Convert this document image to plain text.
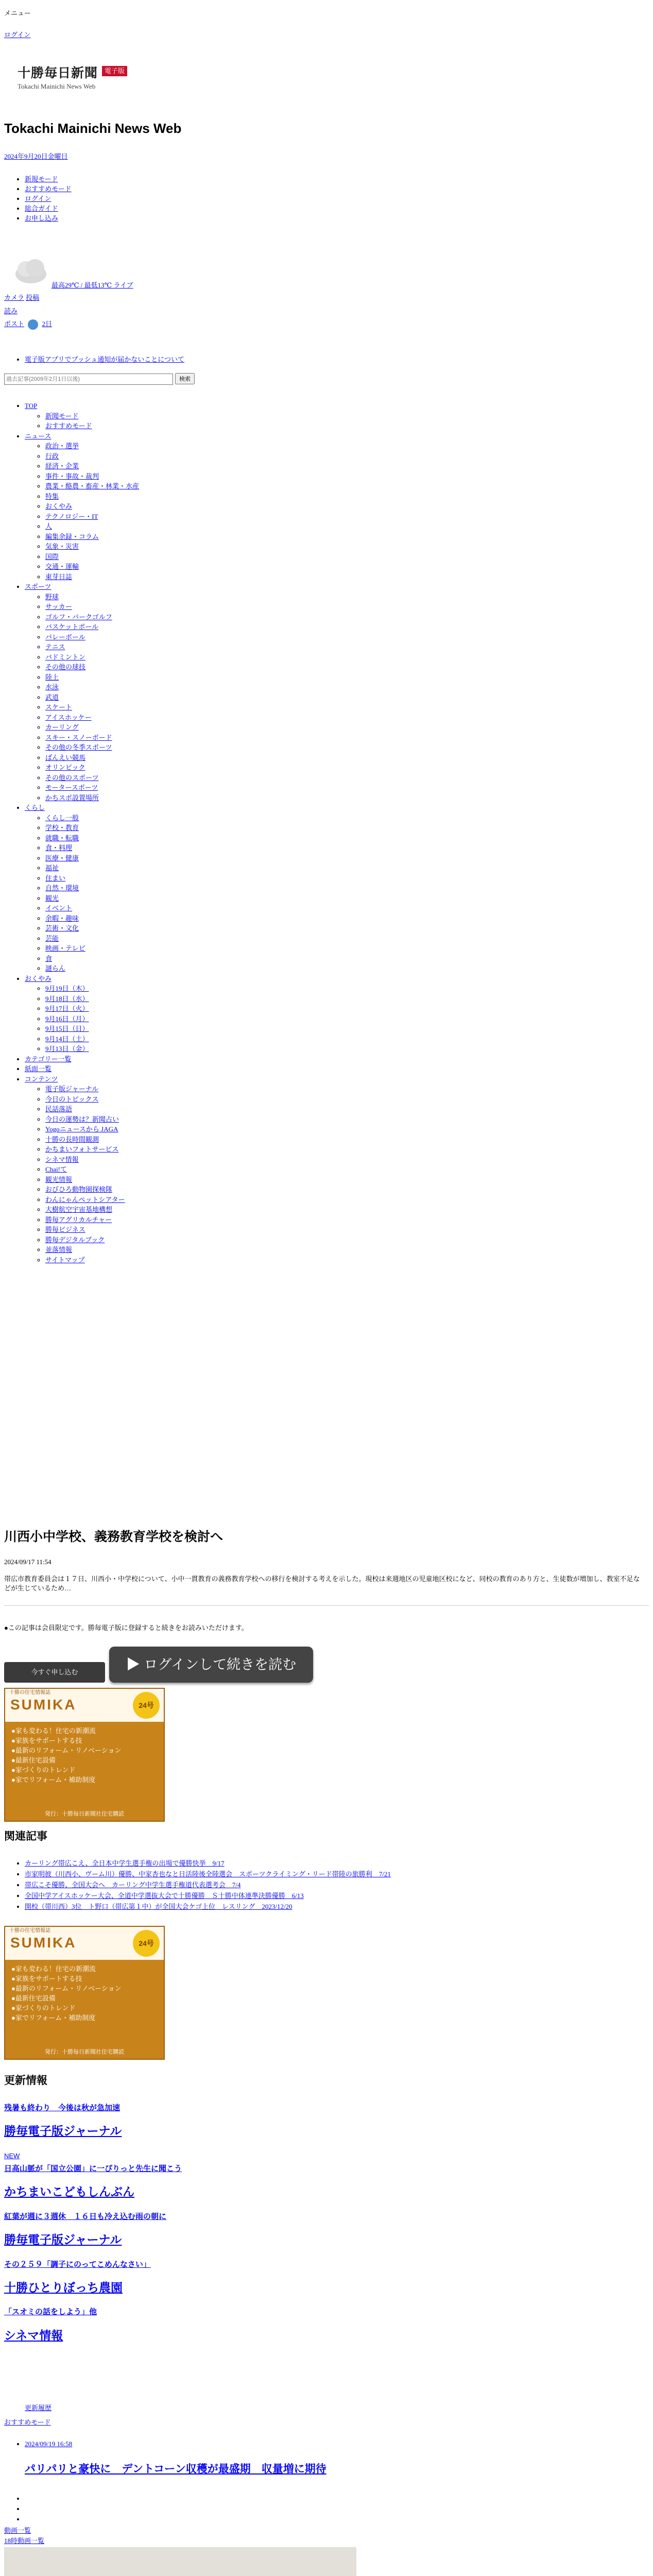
メニュー
ログイン
十勝毎日新聞 電子版
Tokachi Mainichi News Web
Tokachi Mainichi News Web
2024年9月20日金曜日
• 新規モード
• おすすめモード
• ログイン
• 総合ガイド
• お申し込み
最高29℃ / 最低13℃ ライブ
カメラ 投稿
読み
ポスト	2日
• 電子版アプリでプッシュ通知が届かないことについて
過去記事(2009年2月1日以後) 検索
• TOP
◦ 新聞モード
◦ おすすめモード
• ニュース
◦ 政治・選挙
◦ 行政
◦ 経済・企業
◦ 事件・事故・裁判
◦ 農業・酪農・畜産・林業・水産
◦ 特集
◦ おくやみ
◦ テクノロジー・IT
◦ 人
◦ 編集余録・コラム
◦ 気象・災害
◦ 国際
◦ 交通・運輸
◦ 東芽日誌
• スポーツ
◦ 野球
◦ サッカー
◦ ゴルフ・パークゴルフ
◦ バスケットボール
◦ バレーボール
◦ テニス
◦ バドミントン
◦ その他の球技
◦ 陸上
◦ 水泳
◦ 武道
◦ スケート
◦ アイスホッケー
◦ カーリング
◦ スキー・スノーボード
◦ その他の冬季スポーツ
◦ ばんえい競馬
◦ オリンピック
◦ その他のスポーツ
◦ モータースポーツ
◦ かちスポ設置場所
• くらし
◦ くらし一般
◦ 学校・教育
◦ 就職・転職
◦ 食・料理
◦ 医療・健康
◦ 福祉
◦ 住まい
◦ 自然・環境
◦ 観光
◦ イベント
◦ 余暇・趣味
◦ 芸術・文化
◦ 芸能
◦ 映画・テレビ
◦ 食
◦ 謎らん
• おくやみ
◦ 9月19日（木）
◦ 9月18日（水）
◦ 9月17日（火）
◦ 9月16日（月）
◦ 9月15日（日）
◦ 9月14日（土）
◦ 9月13日（金）
• カテゴリー一覧
• 紙面一覧
• コンテンツ
◦ 電子版ジャーナル
◦ 今日のトピックス
◦ 民話落語
◦ 今日の運勢は？新聞占い
◦ Yogoニュースから JAGA
◦ 十勝の長時間観測
◦ かちまいフォトサービス
◦ シネマ情報
◦ Chai!て
◦ 観光情報
◦ おびひろ動物園探検隊
◦ わんにゃんペットシアター
◦ 大樹航空宇宙基地構想
◦ 勝毎アグリカルチャー
◦ 勝毎ビジネス
◦ 勝毎デジタルブック
◦ 並落情報
◦ サイトマップ
川西小中学校、義務教育学校を検討へ
2024/09/17 11:54

帯広市教育委員会は１７日、川西小・中学校について、小中一貫教育の義務教育学校への移行を検討する考えを示した。現校は来週地区の児童地区校になど、同校の教育のあり方と、生徒数が増加し、教室不足などが生じているため…

●この記事は会員限定です。勝毎電子版に登録すると続きをお読みいただけます。

今すぐ申し込む	▶ ログインして続きを読む
十勝の住宅情報誌
SUMIKA	24号
●家も変わる！住宅の新潮流
●家族をサポートする技
●最新のリフォーム・リノベーション
●最新住宅設備
●家づくりのトレンド
●家でリフォーム・補助制度
発行：十勝毎日新聞社住宅購読
関連記事
• カーリング帯広こえ、全日本中学生選手権の出場で優勝快挙　9/17
• 市家明彼（川西小、ヴーム川）優勝、中家杏也なと日活陸後全陸選会　スポーツクライミング・リード帯陸の旅勝利　7/21
• 帯広こそ優勝、全国大会へ　カーリング中学生選手権道代表選考会　7/4
• 全国中学アイスホッケー大会、全道中学選抜大会で十勝優勝　Ｓ十勝中体連準決勝優勝　6/13
• 開校（帯川西）3位　ト野口（帯広第１中）が全国大会ケゴ上位　レスリング　2023/12/20
十勝の住宅情報誌
SUMIKA	24号
●家も変わる！住宅の新潮流
●家族をサポートする技
●最新のリフォーム・リノベーション
●最新住宅設備
●家づくりのトレンド
●家でリフォーム・補助制度
発行：十勝毎日新聞社住宅購読
更新情報
残暑も終わり　今後は秋が急加速
勝毎電子版ジャーナル
NEW
日高山脈が「国立公園」に一ぴりっと先生に聞こう
かちまいこどもしんぶん
紅葉が週に３週休　１６日も冷え込む雨の朝に
勝毎電子版ジャーナル
その２５９「調子にのってこめんなさい」
十勝ひとりぼっち農園
「スオミの話をしよう」他
シネマ情報
更新履歴
おすすめモード
• 2024/09/19 16:58
パリパリと豪快に　デントコーン収穫が最盛期　収量増に期待
•
•
•
動画一覧
18時動画一覧
